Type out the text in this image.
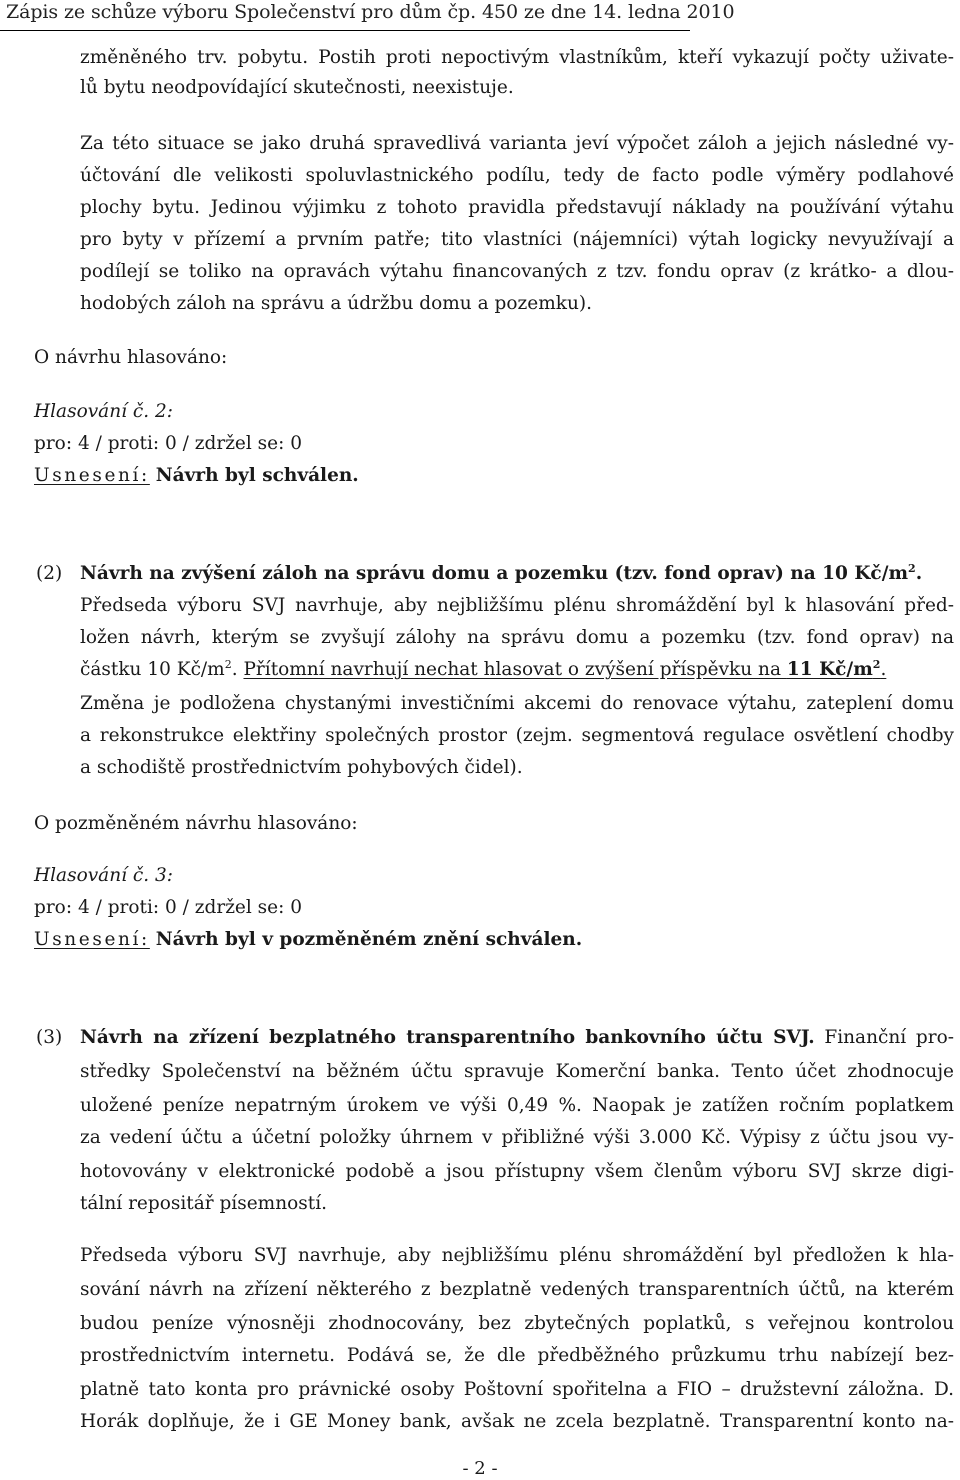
Zápis ze schůze výboru Společenství pro dům čp. 450 ze dne 14. ledna 2010
změněného trv. pobytu. Postih proti nepoctivým vlastníkům, kteří vykazují počty uživate-
lů bytu neodpovídající skutečnosti, neexistuje.
Za této situace se jako druhá spravedlivá varianta jeví výpočet záloh a jejich následné vy-
účtování dle velikosti spoluvlastnického podílu, tedy de facto podle výměry podlahové
plochy bytu. Jedinou výjimku z tohoto pravidla představují náklady na používání výtahu
pro byty v přízemí a prvním patře; tito vlastníci (nájemníci) výtah logicky nevyužívají a
podílejí se toliko na opravách výtahu financovaných z tzv. fondu oprav (z krátko- a dlou-
hodobých záloh na správu a údržbu domu a pozemku).
O návrhu hlasováno:
Hlasování č. 2:
pro: 4 / proti: 0 / zdržel se: 0
Usnesení: Návrh byl schválen.
(2) Návrh na zvýšení záloh na správu domu a pozemku (tzv. fond oprav) na 10 $Kč/m^2$.
Předseda výboru SVJ navrhuje, aby nejbližšímu plénu shromáždění byl k hlasování před-
ložen návrh, kterým se zvyšují zálohy na správu domu a pozemku (tzv. fond oprav) na
částku 10 $Kč/m^2$. Přítomní navrhují nechat hlasovat o zvýšení příspěvku na 11 $Kč/m^2$.
Změna je podložena chystanými investičními akcemi do renovace výtahu, zateplení domu
a rekonstrukce elektřiny společných prostor (zejm. segmentová regulace osvětlení chodby
a schodiště prostřednictvím pohybových čidel).
O pozměněném návrhu hlasováno:
Hlasování č. 3:
pro: 4 / proti: 0 / zdržel se: 0
Usnesení: Návrh byl v pozměněném znění schválen.
(3) Návrh na zřízení bezplatného transparentního bankovního účtu SVJ. Finanční pro-
středky Společenství na běžném účtu spravuje Komerční banka. Tento účet zhodnocuje
uložené peníze nepatrným úrokem ve výši 0,49 %. Naopak je zatížen ročním poplatkem
za vedení účtu a účetní položky úhrnem v přibližné výši 3.000 Kč. Výpisy z účtu jsou vy-
hotovovány v elektronické podobě a jsou přístupny všem členům výboru SVJ skrze digi-
tální repositář písemností.
Předseda výboru SVJ navrhuje, aby nejbližšímu plénu shromáždění byl předložen k hla-
sování návrh na zřízení některého z bezplatně vedených transparentních účtů, na kterém
budou peníze výnosněji zhodnocovány, bez zbytečných poplatků, s veřejnou kontrolou
prostřednictvím internetu. Podává se, že dle předběžného průzkumu trhu nabízejí bez-
platně tato konta pro právnické osoby Poštovní spořitelna a FIO – družstevní záložna. D.
Horák doplňuje, že i GE Money bank, avšak ne zcela bezplatně. Transparentní konto na-
- 2 -
